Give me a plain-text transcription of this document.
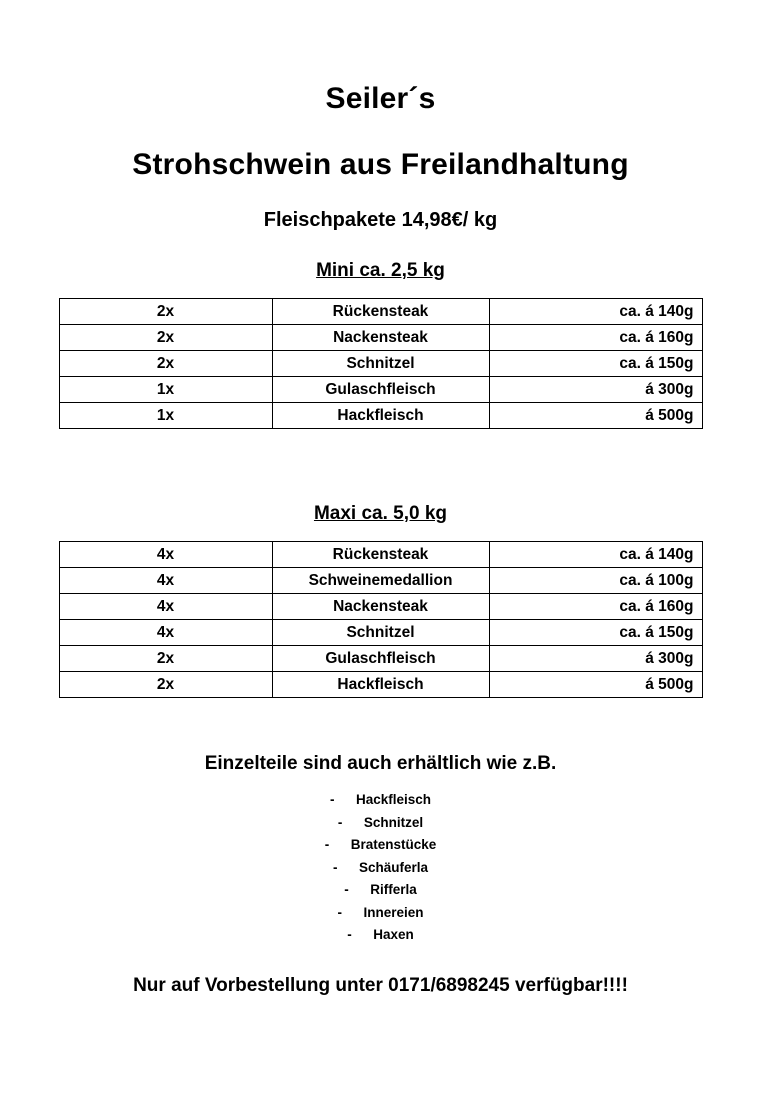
Seiler´s
Strohschwein aus Freilandhaltung
Fleischpakete 14,98€/ kg
Mini ca. 2,5 kg
2x	Rückensteak	ca. á 140g
2x	Nackensteak	ca. á 160g
2x	Schnitzel	ca. á 150g
1x	Gulaschfleisch	á 300g
1x	Hackfleisch	á 500g
Maxi ca. 5,0 kg
4x	Rückensteak	ca. á 140g
4x	Schweinemedallion	ca. á 100g
4x	Nackensteak	ca. á 160g
4x	Schnitzel	ca. á 150g
2x	Gulaschfleisch	á 300g
2x	Hackfleisch	á 500g
Einzelteile sind auch erhältlich wie z.B.
- Hackfleisch
- Schnitzel
- Bratenstücke
- Schäuferla
- Rifferla
- Innereien
- Haxen
Nur auf Vorbestellung unter 0171/6898245 verfügbar!!!!
